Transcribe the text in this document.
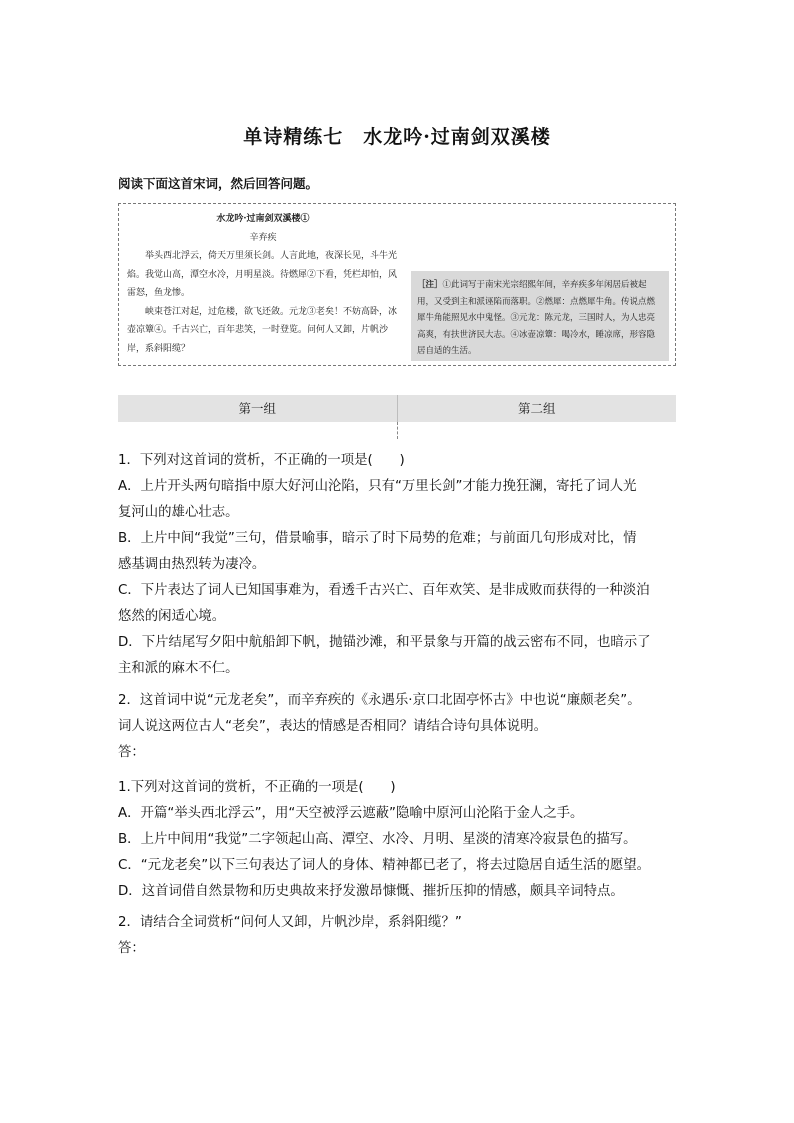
单诗精练七　水龙吟·过南剑双溪楼
阅读下面这首宋词，然后回答问题。
水龙吟·过南剑双溪楼①
辛弃疾

举头西北浮云，倚天万里须长剑。人言此地，夜深长见，斗牛光焰。我觉山高，潭空水冷，月明星淡。待燃犀②下看，凭栏却怕，风雷怒，鱼龙惨。

峡束苍江对起，过危楼，欲飞还敛。元龙③老矣！不妨高卧，冰壶凉簟④。千古兴亡，百年悲笑，一时登览。问何人又卸，片帆沙岸，系斜阳缆？

［注］①此词写于南宋光宗绍熙年间，辛弃疾多年闲居后被起用，又受到主和派诬陷而落职。②燃犀：点燃犀牛角。传说点燃犀牛角能照见水中鬼怪。③元龙：陈元龙，三国时人，为人忠亮高爽，有扶世济民大志。④冰壶凉簟：喝冷水，睡凉席，形容隐居自适的生活。
第一组	第二组

1．下列对这首词的赏析，不正确的一项是(　　)

A．上片开头两句暗指中原大好河山沦陷，只有“万里长剑”才能力挽狂澜，寄托了词人光

复河山的雄心壮志。

B．上片中间“我觉”三句，借景喻事，暗示了时下局势的危难；与前面几句形成对比，情

感基调由热烈转为凄冷。

C．下片表达了词人已知国事难为，看透千古兴亡、百年欢笑、是非成败而获得的一种淡泊

悠然的闲适心境。

D．下片结尾写夕阳中航船卸下帆，抛锚沙滩，和平景象与开篇的战云密布不同，也暗示了

主和派的麻木不仁。

2．这首词中说“元龙老矣”，而辛弃疾的《永遇乐·京口北固亭怀古》中也说“廉颇老矣”。

词人说这两位古人“老矣”，表达的情感是否相同？请结合诗句具体说明。

答：

1.下列对这首词的赏析，不正确的一项是(　　)

A．开篇“举头西北浮云”，用“天空被浮云遮蔽”隐喻中原河山沦陷于金人之手。

B．上片中间用“我觉”二字领起山高、潭空、水冷、月明、星淡的清寒冷寂景色的描写。

C．“元龙老矣”以下三句表达了词人的身体、精神都已老了，将去过隐居自适生活的愿望。

D．这首词借自然景物和历史典故来抒发激昂慷慨、摧折压抑的情感，颇具辛词特点。

2．请结合全词赏析“问何人又卸，片帆沙岸，系斜阳缆？”

答：
